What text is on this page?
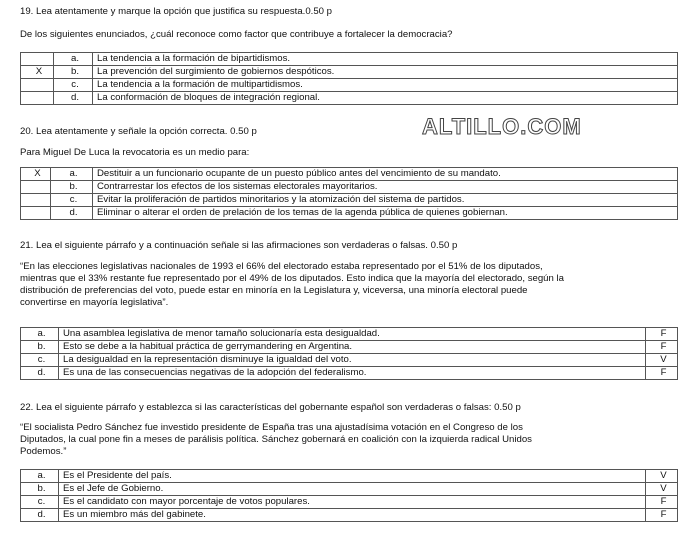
19. Lea atentamente y marque la opción que justifica su respuesta.0.50 p
De los siguientes enunciados, ¿cuál reconoce como factor que contribuye a fortalecer la democracia?
	a.	La tendencia a la formación de bipartidismos.
X	b.	La prevención del surgimiento de gobiernos despóticos.
	c.	La tendencia a la formación de multipartidismos.
	d.	La conformación de bloques de integración regional.
ALTILLO.COM
20. Lea atentamente y señale la opción correcta. 0.50 p
Para Miguel De Luca la revocatoria es un medio para:
X	a.	Destituir a un funcionario ocupante de un puesto público antes del vencimiento de su mandato.
	b.	Contrarrestar los efectos de los sistemas electorales mayoritarios.
	c.	Evitar la proliferación de partidos minoritarios y la atomización del sistema de partidos.
	d.	Eliminar o alterar el orden de prelación de los temas de la agenda pública de quienes gobiernan.
21. Lea el siguiente párrafo y a continuación señale si las afirmaciones son verdaderas o falsas. 0.50 p
“En las elecciones legislativas nacionales de 1993 el 66% del electorado estaba representado por el 51% de los diputados,
mientras que el 33% restante fue representado por el 49% de los diputados. Esto indica que la mayoría del electorado, según la
distribución de preferencias del voto, puede estar en minoría en la Legislatura y, viceversa, una minoría electoral puede
convertirse en mayoría legislativa”.
a.	Una asamblea legislativa de menor tamaño solucionaría esta desigualdad.	F
b.	Esto se debe a la habitual práctica de gerrymandering en Argentina.	F
c.	La desigualdad en la representación disminuye la igualdad del voto.	V
d.	Es una de las consecuencias negativas de la adopción del federalismo.	F
22. Lea el siguiente párrafo y establezca si las características del gobernante español son verdaderas o falsas: 0.50 p
“El socialista Pedro Sánchez fue investido presidente de España tras una ajustadísima votación en el Congreso de los
Diputados, la cual pone fin a meses de parálisis política. Sánchez gobernará en coalición con la izquierda radical Unidos
Podemos.”
a.	Es el Presidente del país.	V
b.	Es el Jefe de Gobierno.	V
c.	Es el candidato con mayor porcentaje de votos populares.	F
d.	Es un miembro más del gabinete.	F
